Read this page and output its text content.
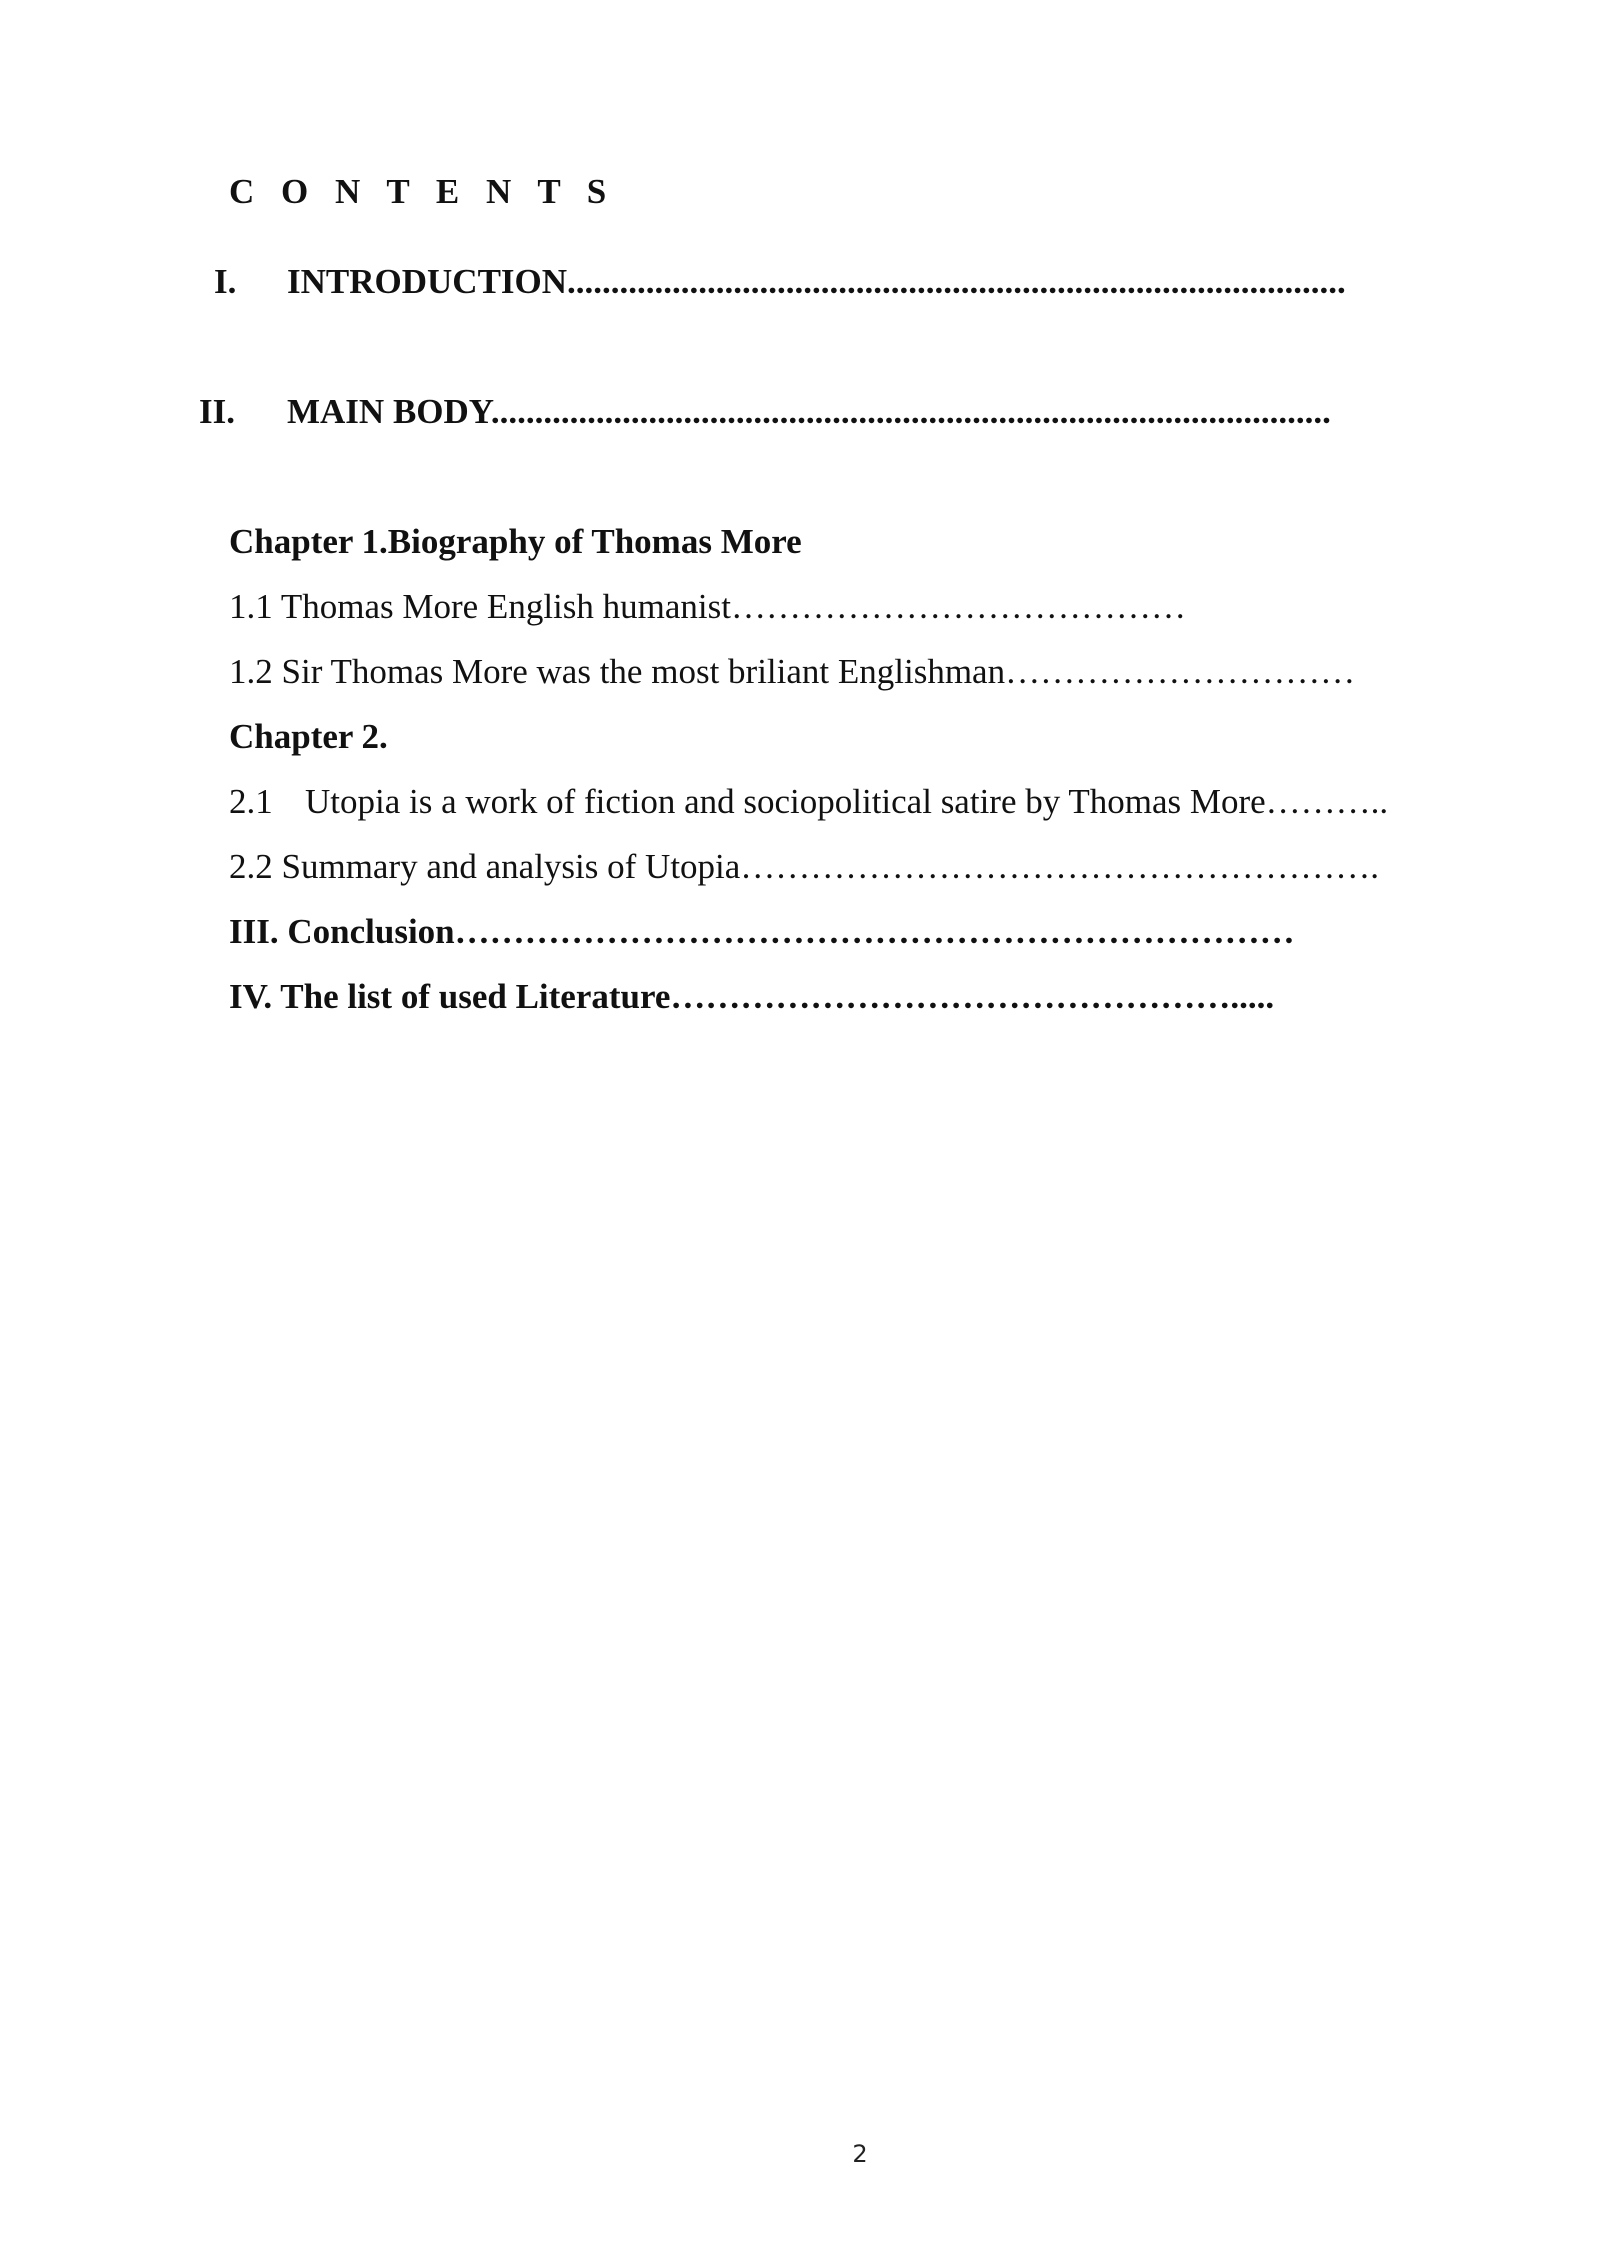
C O N T E N T S
I. INTRODUCTION.........................................................................................
II. MAIN BODY................................................................................................
Chapter 1.Biography of Thomas More
1.1 Thomas More English humanist…………………………………
1.2 Sir Thomas More was the most briliant Englishman…………………………
Chapter 2.
2.1 Utopia is a work of fiction and sociopolitical satire by Thomas More………..
2.2 Summary and analysis of Utopia……………………………………………….
III. Conclusion………………………………………………………………
IV. The list of used Literature………………………………………….....
2
